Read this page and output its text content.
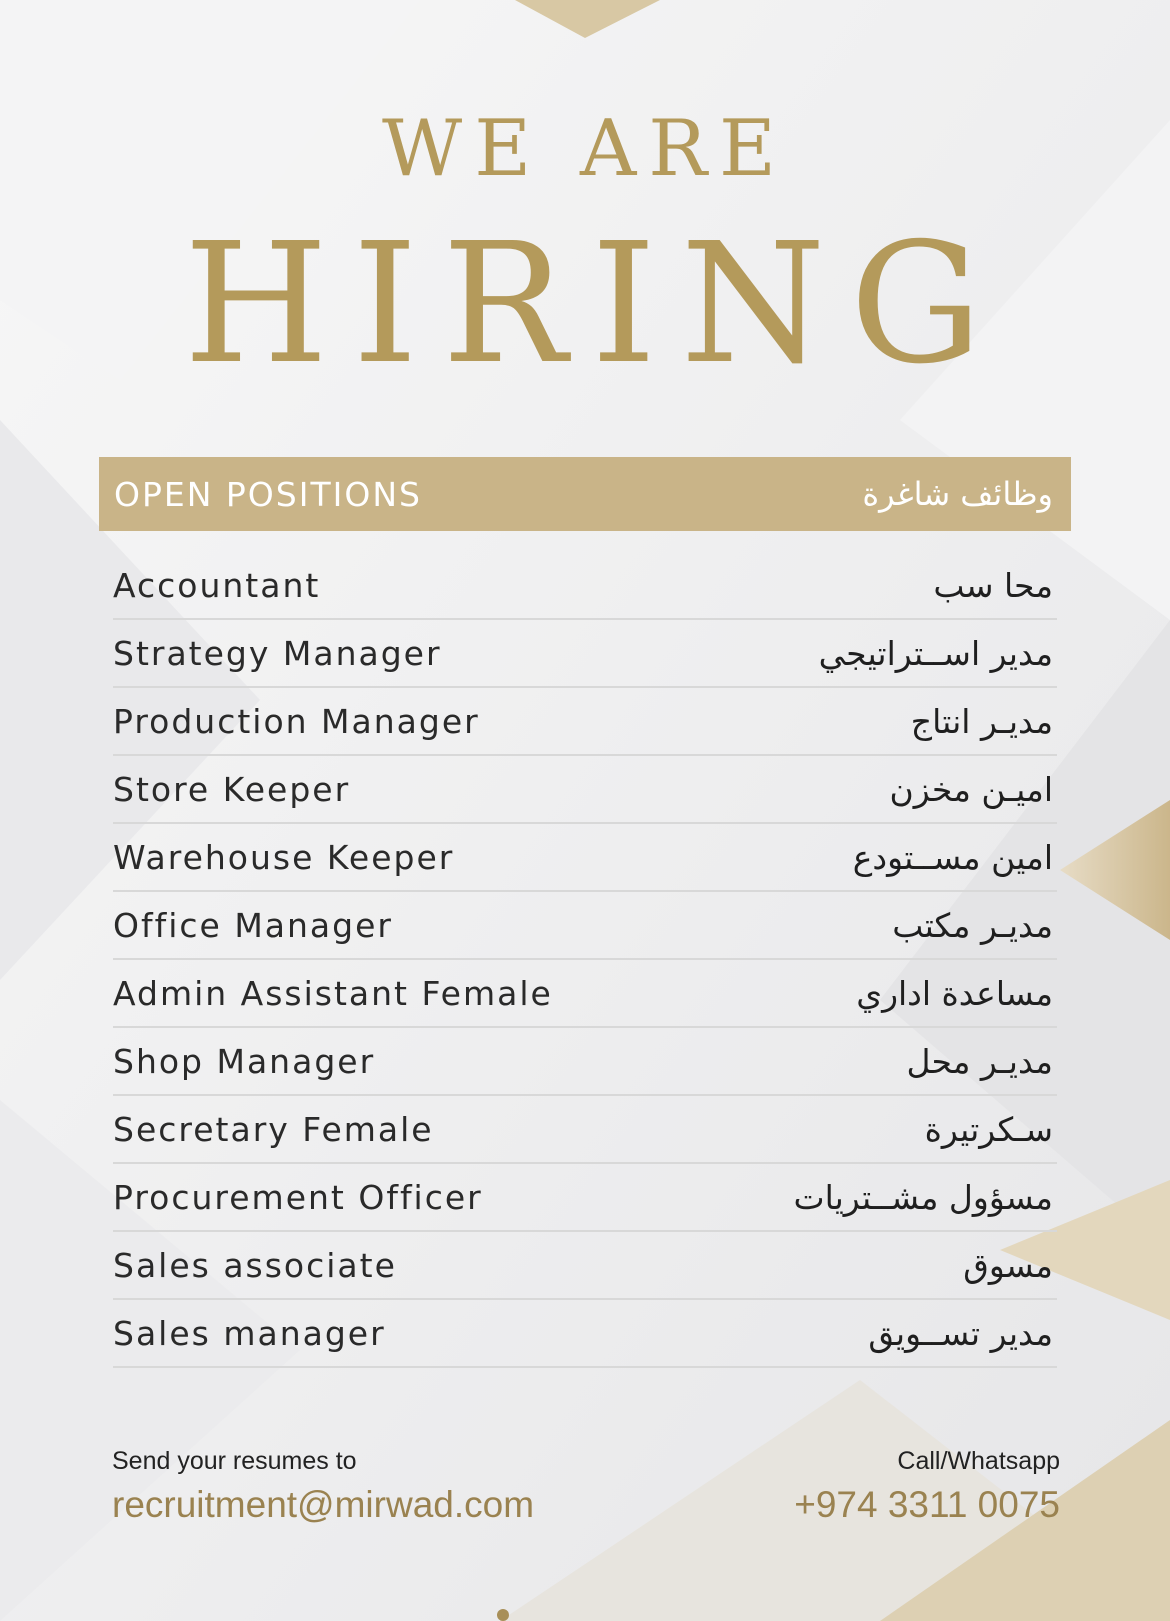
WE ARE
HIRING
OPEN POSITIONS	وظائف شاغرة
Accountant	محا سب
Strategy Manager	مدير اســتراتيجي
Production Manager	مديـر انتاج
Store Keeper	اميـن مخزن
Warehouse Keeper	امين مســتودع
Office Manager	مديـر مكتب
Admin Assistant Female	مساعدة اداري
Shop Manager	مديـر محل
Secretary Female	سـكرتيرة
Procurement Officer	مسؤول مشــتريات
Sales associate	مسوق
Sales manager	مدير تســويق
Send your resumes to
recruitment@mirwad.com
Call/Whatsapp
+974 3311 0075
